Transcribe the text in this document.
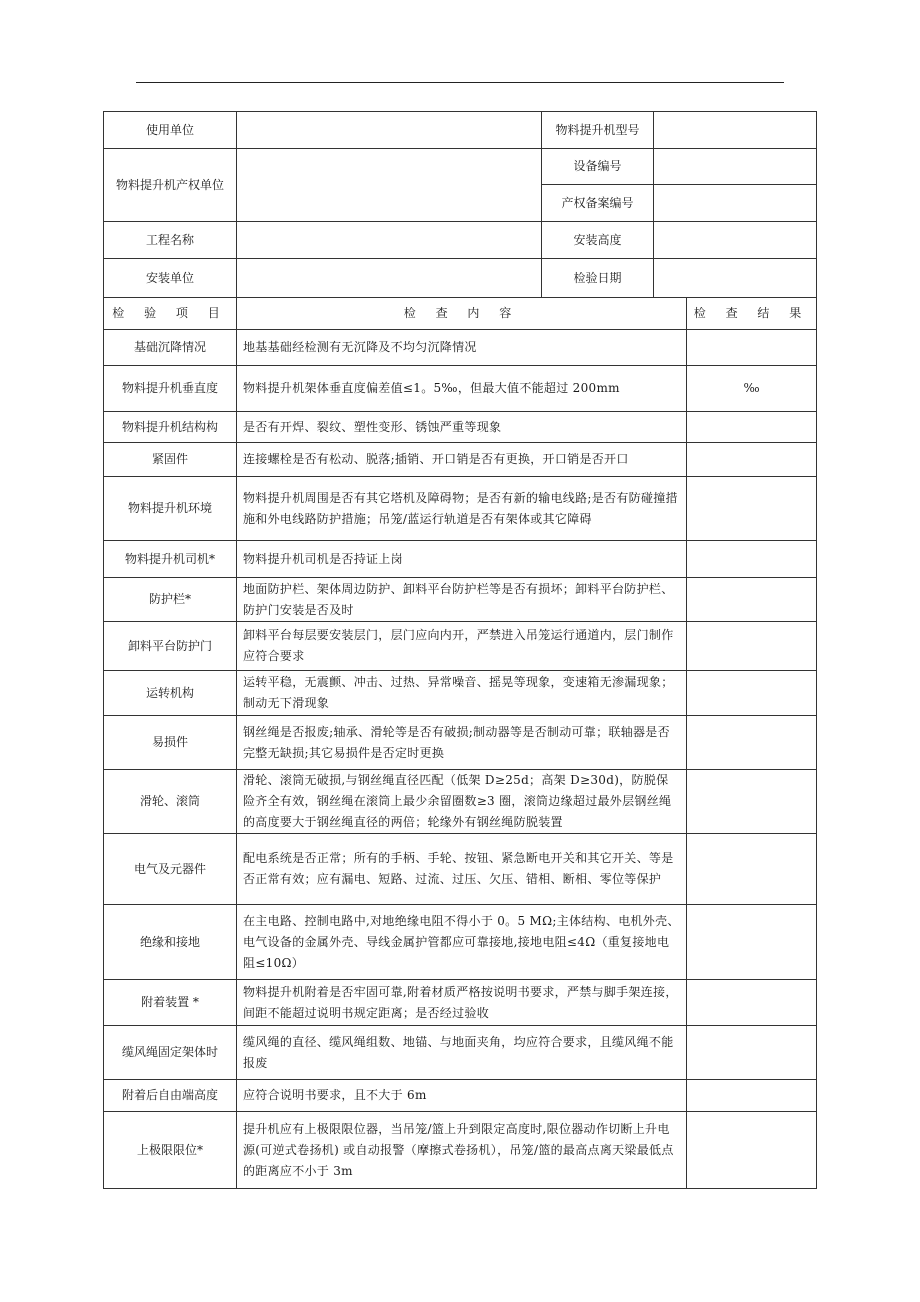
使用单位		物料提升机型号		
物料提升机产权单位		设备编号		
		产权备案编号		
工程名称		安装高度		
安装单位		检验日期		
检 验 项 目	检 查 内 容			检 查 结 果
基础沉降情况	地基基础经检测有无沉降及不均匀沉降情况			
物料提升机垂直度	物料提升机架体垂直度偏差值≤1。5‰，但最大值不能超过 200mm			‰
物料提升机结构构	是否有开焊、裂纹、塑性变形、锈蚀严重等现象			
紧固件	连接螺栓是否有松动、脱落;插销、开口销是否有更换，开口销是否开口			
物料提升机环境	物料提升机周围是否有其它塔机及障碍物；是否有新的输电线路;是否有防碰撞措施和外电线路防护措施；吊笼/蓝运行轨道是否有架体或其它障碍			
物料提升机司机*	物料提升机司机是否持证上岗			
防护栏*	地面防护栏、架体周边防护、卸料平台防护栏等是否有损坏；卸料平台防护栏、防护门安装是否及时			
卸料平台防护门	卸料平台每层要安装层门，层门应向内开，严禁进入吊笼运行通道内，层门制作应符合要求			
运转机构	运转平稳，无震颤、冲击、过热、异常噪音、摇晃等现象，变速箱无渗漏现象；制动无下滑现象			
易损件	钢丝绳是否报废;轴承、滑轮等是否有破损;制动器等是否制动可靠；联轴器是否完整无缺损;其它易损件是否定时更换			
滑轮、滚筒	滑轮、滚筒无破损,与钢丝绳直径匹配（低架 D≥25d；高架 D≥30d)，防脱保险齐全有效，钢丝绳在滚筒上最少余留圈数≥3 圈，滚筒边缘超过最外层钢丝绳的高度要大于钢丝绳直径的两倍；轮缘外有钢丝绳防脱装置			
电气及元器件	配电系统是否正常；所有的手柄、手轮、按钮、紧急断电开关和其它开关、等是否正常有效；应有漏电、短路、过流、过压、欠压、错相、断相、零位等保护			
绝缘和接地	在主电路、控制电路中,对地绝缘电阻不得小于 0。5 MΩ;主体结构、电机外壳、电气设备的金属外壳、导线金属护管都应可靠接地,接地电阻≤4Ω（重复接地电阻≤10Ω）			
附着装置 *	物料提升机附着是否牢固可靠,附着材质严格按说明书要求，严禁与脚手架连接，间距不能超过说明书规定距离；是否经过验收			
缆风绳固定架体时	缆风绳的直径、缆风绳组数、地锚、与地面夹角，均应符合要求，且缆风绳不能报废			
附着后自由端高度	应符合说明书要求，且不大于 6m			
上极限限位*	提升机应有上极限限位器，当吊笼/篮上升到限定高度时,限位器动作切断上升电源(可逆式卷扬机) 或自动报警（摩擦式卷扬机），吊笼/篮的最高点离天梁最低点的距离应不小于 3m			
